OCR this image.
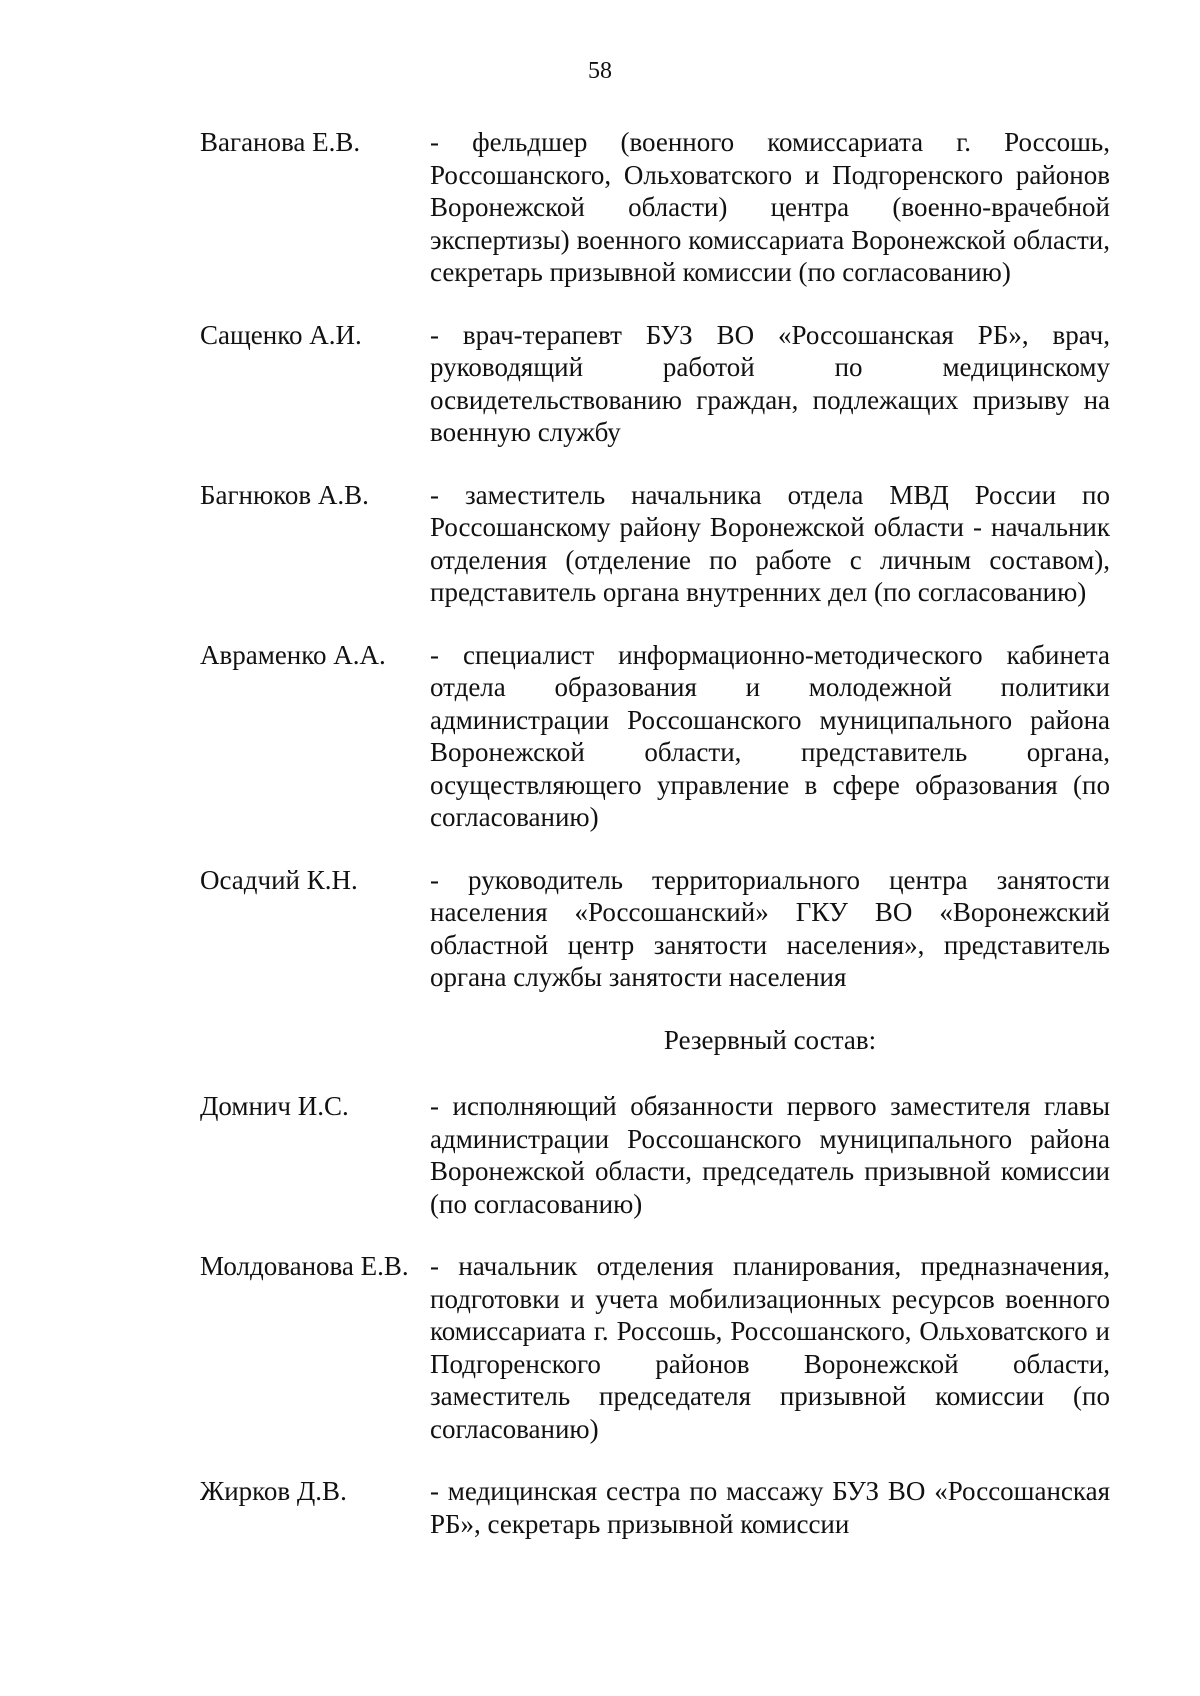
58
Ваганова Е.В.	- фельдшер (военного комиссариата г. Россошь, Россошанского, Ольховатского и Подгоренского районов Воронежской области) центра (военно-врачебной экспертизы) военного комиссариата Воронежской области, секретарь призывной комиссии (по согласованию)
Сащенко А.И.	- врач-терапевт БУЗ ВО «Россошанская РБ», врач, руководящий работой по медицинскому освидетельствованию граждан, подлежащих призыву на военную службу
Багнюков А.В.	- заместитель начальника отдела МВД России по Россошанскому району Воронежской области - начальник отделения (отделение по работе с личным составом), представитель органа внутренних дел (по согласованию)
Авраменко А.А.	- специалист информационно-методического кабинета отдела образования и молодежной политики администрации Россошанского муниципального района Воронежской области, представитель органа, осуществляющего управление в сфере образования (по согласованию)
Осадчий К.Н.	- руководитель территориального центра занятости населения «Россошанский» ГКУ ВО «Воронежский областной центр занятости населения», представитель органа службы занятости населения
Резервный состав:
Домнич И.С.	- исполняющий обязанности первого заместителя главы администрации Россошанского муниципального района Воронежской области, председатель призывной комиссии (по согласованию)
Молдованова Е.В. - начальник отделения планирования, предназначения, подготовки и учета мобилизационных ресурсов военного комиссариата г. Россошь, Россошанского, Ольховатского и Подгоренского районов Воронежской области, заместитель председателя призывной комиссии (по согласованию)
Жирков Д.В.	- медицинская сестра по массажу БУЗ ВО «Россошанская РБ», секретарь призывной комиссии
